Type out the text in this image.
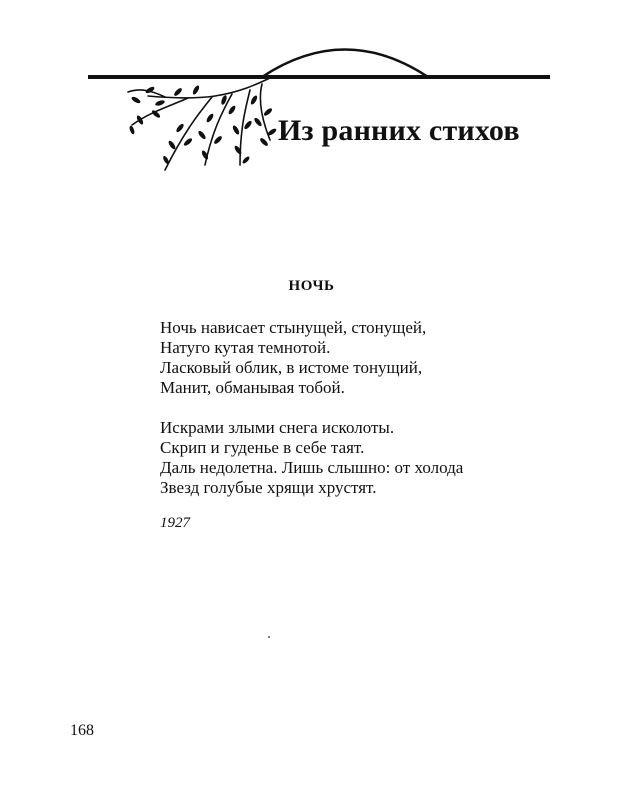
Из ранних стихов
НОЧЬ

Ночь нависает стынущей, стонущей,
Натуго кутая темнотой.
Ласковый облик, в истоме тонущий,
Манит, обманывая тобой.

Искрами злыми снега исколоты.
Скрип и гуденье в себе таят.
Даль недолетна. Лишь слышно: от холода
Звезд голубые хрящи хрустят.

1927

168
